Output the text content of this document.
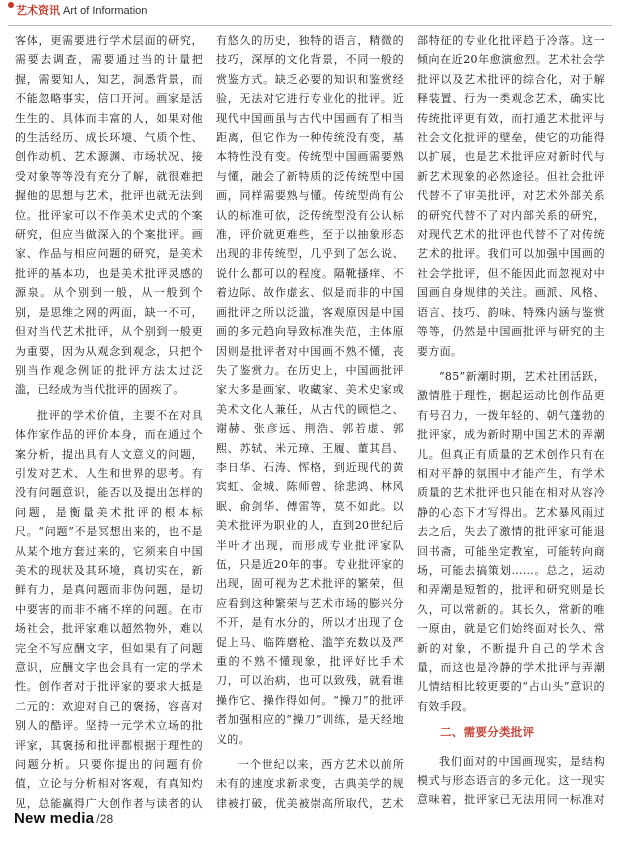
艺术资讯 Art of Information

客体，更需要进行学术层面的研究，需要去调查，需要通过当的计量把握，需要知人，知艺，洞悉背景，而不能忽略事实，信口开河。画家是活生生的、具体而丰富的人，如果对他的生活经历、成长环境、气质个性、创作动机、艺术源渊、市场状况、接受对象等等没有充分了解，就很难把握他的思想与艺术，批评也就无法到位。批评家可以不作美术史式的个案研究，但应当做深入的个案批评。画家、作品与相应问题的研究，是美术批评的基本功，也是美术批评灵感的源泉。从个别到一般，从一般到个别，是思维之网的两面，缺一不可，但对当代艺术批评，从个别到一般更为重要，因为从观念到观念，只把个别当作观念例证的批评方法太过泛滥，已经成为当代批评的固疾了。

批评的学术价值，主要不在对具体作家作品的评价本身，而在通过个案分析，提出具有人文意义的问题，引发对艺术、人生和世界的思考。有没有问题意识，能否以及提出怎样的问题，是衡量美术批评的根本标尺。“问题”不是冥想出来的，也不是从某个地方套过来的，它须来自中国美术的现状及其环境，真切实在，新鲜有力，是真问题而非伪问题，是切中要害的而非不痛不痒的问题。在市场社会，批评家难以超然物外，难以完全不写应酬文字，但如果有了问题意识，应酬文字也会具有一定的学术性。创作者对于批评家的要求大抵是二元的：欢迎对自己的褒扬，容喜对别人的酷评。坚持一元学术立场的批评家，其褒扬和批评都根据于理性的问题分析。只要你提出的问题有价值，立论与分析相对客观，有真知灼见，总能赢得广大创作者与读者的认

有悠久的历史，独特的语言，精微的技巧，深厚的文化背景，不同一般的赏鉴方式。缺乏必要的知识和鉴赏经验，无法对它进行专业化的批评。近现代中国画虽与古代中国画有了相当距离，但它作为一种传统没有变，基本特性没有变。传统型中国画需要熟与懂，融会了新特质的泛传统型中国画，同样需要熟与懂。传统型尚有公认的标准可依，泛传统型没有公认标准，评价就更难些，至于以抽象形态出现的非传统型，几乎到了怎么说、说什么都可以的程度。隔靴搔痒、不着边际、故作虚玄、似是而非的中国画批评之所以泛滥，客观原因是中国画的多元趋向导致标准失范，主体原因则是批评者对中国画不熟不懂，丧失了鉴赏力。在历史上，中国画批评家大多是画家、收藏家、美术史家或美术文化人兼任，从古代的顾恺之、谢赫、张彦远、荆浩、郭若虚、郭熙、苏轼、米元璋、王履、董其昌、李日华、石涛、恽格，到近现代的黄宾虹、金城、陈师曾、徐悲鸿、林风眠、俞剑华、傅雷等，莫不如此。以美术批评为职业的人，直到20世纪后半叶才出现，而形成专业批评家队伍，只是近20年的事。专业批评家的出现，固可视为艺术批评的繁荣，但应看到这种繁荣与艺术市场的膨兴分不开，是有水分的，所以才出现了仓促上马、临阵磨枪、滥竽充数以及严重的不熟不懂现象，批评好比手术刀，可以治病，也可以致残，就看谁操作它、操作得如何。“操刀”的批评者加强相应的“操刀”训练，是天经地义的。

一个世纪以来，西方艺术以前所未有的速度求新求变，古典美学的规律被打破，优美被崇高所取代，艺术

部特征的专业化批评趋于冷落。这一倾向在近20年愈演愈烈。艺术社会学批评以及艺术批评的综合化，对于解释装置、行为一类观念艺术，确实比传统批评更有效，而打通艺术批评与社会文化批评的壁垒，使它的功能得以扩展，也是艺术批评应对新时代与新艺术现象的必然途径。但社会批评代替不了审美批评，对艺术外部关系的研究代替不了对内部关系的研究，对现代艺术的批评也代替不了对传统艺术的批评。我们可以加强中国画的社会学批评，但不能因此而忽视对中国画自身规律的关注。画派、风格、语言、技巧、韵味、特殊内涵与鉴赏等等，仍然是中国画批评与研究的主要方面。

“85”新潮时期，艺术社团活跃，激情胜于理性，据起运动比创作品更有号召力，一拨年轻的、朝气蓬勃的批评家，成为新时期中国艺术的弄潮儿。但真正有质量的艺术创作只有在相对平静的氛围中才能产生，有学术质量的艺术批评也只能在相对从容冷静的心态下才写得出。艺术暴风雨过去之后，失去了激情的批评家可能退回书斋，可能坐定教室，可能转向商场，可能去搞策划……。总之，运动和弄潮是短暂的，批评和研究则是长久，可以常新的。其长久，常新的唯一原由，就是它们始终面对长久、常新的对象，不断提升自己的学术含量，而这也是冷静的学术批评与弄潮儿情结相比较更要的“占山头”意识的有效手段。

二、需要分类批评

我们面对的中国画现实，是结构模式与形态语言的多元化。这一现实意味着，批评家已无法用同一标准对

New media /28
